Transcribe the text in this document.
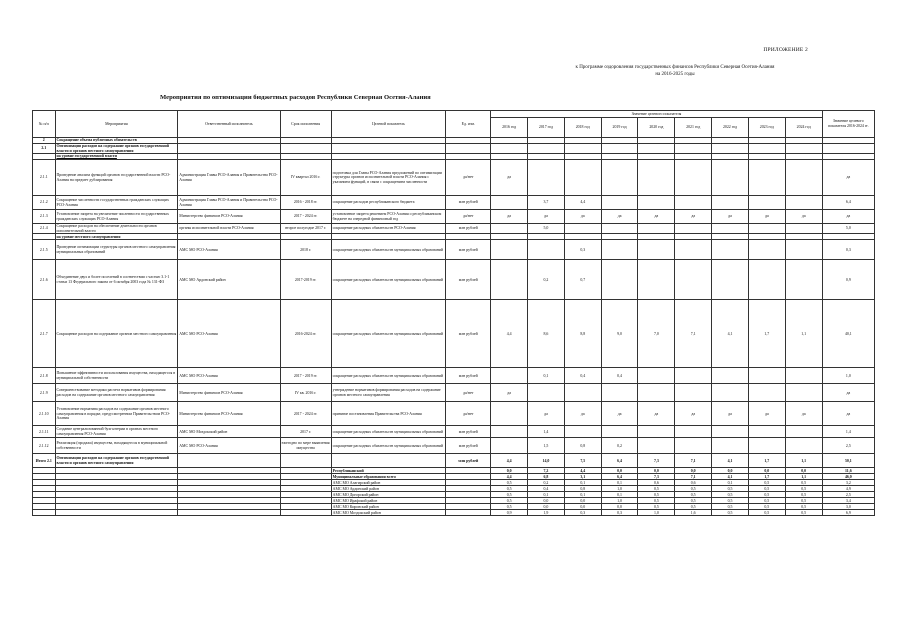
ПРИЛОЖЕНИЕ 2
к Программе оздоровления государственных финансов Республики Северная Осетия-Алания
на 2016-2025 годы
Мероприятия по оптимизации бюджетных расходов Республики Северная Осетия-Алания
№ п/п	Мероприятия	Ответственный исполнитель	Срок исполнения	Целевой показатель	Ед. изм.	Значение целевого показателя									Значение целевого показателя 2016-2024 гг.
						2016 год	2017 год	2018 год	2019 год	2020 год	2021 год	2022 год	2023 год	2024 год	
2	Сокращение объема публичных обязательств														
2.1	Оптимизация расходов на содержание органов государственной власти и органов местного самоуправления														
	на уровне государственной власти														
2.1.1	Проведение анализа функций органов государственной власти РСО-Алания на предмет дублирования	Администрация Главы РСО-Алания и Правительства РСО-Алания	IV квартал 2016 г.	подготовка для Главы РСО-Алания предложений по оптимизации структуры органов исполнительной власти РСО-Алания с указанием функций, в связи с сокращением численности	да/нет	да									да
2.1.2	Сокращение численности государственных гражданских служащих РСО-Алания	Администрация Главы РСО-Алания и Правительства РСО-Алания	2016 - 2018 гг.	сокращение расходов республиканского бюджета	млн рублей		3,7	4,4							6,4
2.1.3	Установление запрета на увеличение численности государственных гражданских служащих РСО-Алания	Министерство финансов РСО-Алания	2017 - 2024 гг.	установление запрета решением РСО-Алания о республиканском бюджете на очередной финансовый год	да/нет	да	да	да	да	да	да	да	да	да	да
2.1.4	Сокращение расходов на обеспечение деятельности органов исполнительной власти	органы исполнительной власти РСО-Алания	второе полугодие 2017 г.	сокращение расходных обязательств РСО-Алания	млн рублей		5,0								5,0
	на уровне местного самоуправления														
2.1.5	Проведение оптимизации структуры органов местного самоуправления муниципальных образований	АМС МО РСО-Алания	2018 г.	сокращение расходных обязательств муниципальных образований	млн рублей			0,3							0,3
2.1.6	Объединение двух и более поселений в соответствии с частью 3.1-1 статьи 13 Федерального закона от 6 октября 2003 года № 131-ФЗ	АМС МО Ардонский район	2017-2019 гг.	сокращение расходных обязательств муниципальных образований	млн рублей		0,2	0,7							0,9
2.1.7	Сокращение расходов на содержание органов местного самоуправления	АМС МО РСО-Алания	2016-2024 гг.	сокращение расходных обязательств муниципальных образований	млн рублей	4,4	8,6	8,8	9,0	7,0	7,1	4,1	1,7	1,1	40,1
2.1.8	Повышение эффективности использования имущества, находящегося в муниципальной собственности	АМС МО РСО-Алания	2017 - 2019 гг.	сокращение расходных обязательств муниципальных образований	млн рублей		0,1	0,4	0,4						1,0
2.1.9	Совершенствование методики расчета нормативов формирования расходов на содержание органов местного самоуправления	Министерство финансов РСО-Алания	IV кв. 2016 г.	утверждение нормативов формирования расходов на содержание органов местного самоуправления	да/нет	да									да
2.1.10	Установление норматива расходов на содержание органов местного самоуправления в порядке, предусмотренном Правительством РСО-Алания	Министерство финансов РСО-Алания	2017 - 2024 гг.	принятие постановления Правительства РСО-Алания	да/нет		да	да	да	да	да	да	да	да	да
2.1.11	Создание централизованной бухгалтерии в органах местного самоуправления РСО-Алания	АМС МО Моздокский район	2017 г.	сокращение расходных обязательств муниципальных образований	млн рублей		1,4								1,4
2.1.12	Реализация (продажа) имущества, находящегося в муниципальной собственности	АМС МО РСО-Алания	ежегодно по мере выявления имущества	сокращение расходных обязательств муниципальных образований	млн рублей		1,5	0,8	0,2						2,5
Итого 2.1	Оптимизация расходов на содержание органов государственной власти и органов местного самоуправления				млн рублей	4,4	14,0	7,5	6,4	7,3	7,1	4,1	1,7	1,1	50,1
				Республиканский		0,0	7,2	4,4	0,0	0,0	0,0	0,0	0,0	0,0	11,6
				Муниципальные образования всего		4,4	6,8	3,1	6,4	7,3	7,1	4,1	1,7	1,1	46,0
				АМС МО Алагирский район		0,5	0,2	0,1	0,1	0,6	0,6	0,1	0,5	0,5	3,2
				АМС МО Ардонский район		0,5	0,4	0,8	1,0	0,5	0,5	0,5	0,5	0,5	4,9
				АМС МО Дигорский район		0,5	0,1	0,1	0,1	0,5	0,5	0,5	0,5	0,5	2,5
				АМС МО Ирафский район		0,5	0,0	0,0	1,0	0,5	0,5	0,5	0,5	0,5	3,4
				АМС МО Кировский район		0,5	0,0	0,0	0,0	0,5	0,5	0,5	0,5	0,5	3,0
				АМС МО Моздокский район		0,9	1,9	0,3	0,3	1,0	1,6	0,5	0,5	0,5	6,9
